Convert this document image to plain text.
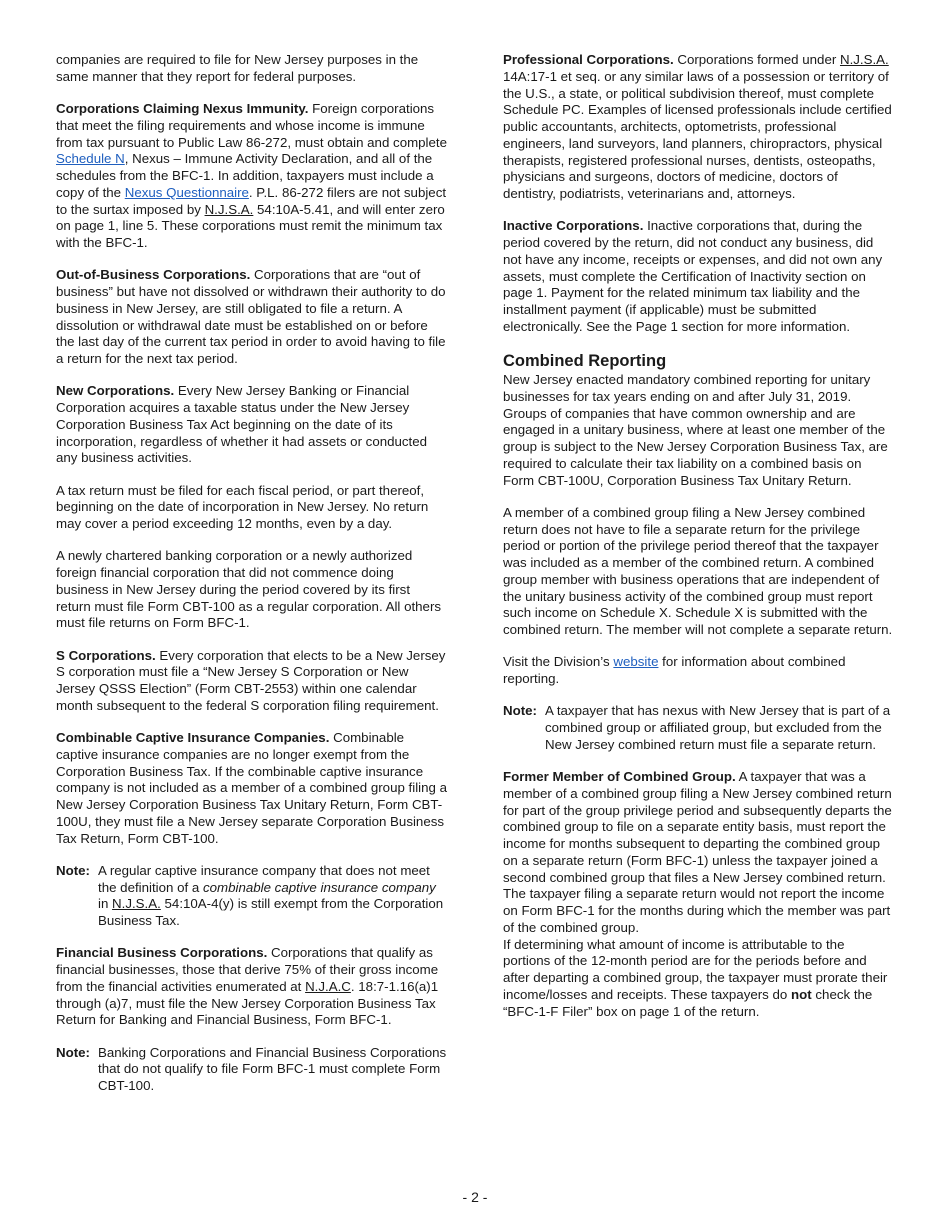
companies are required to file for New Jersey purposes in the same manner that they report for federal purposes.

Corporations Claiming Nexus Immunity. Foreign corporations that meet the filing requirements and whose income is immune from tax pursuant to Public Law 86-272, must obtain and complete Schedule N, Nexus – Immune Activity Declaration, and all of the schedules from the BFC-1. In addition, taxpayers must include a copy of the Nexus Questionnaire. P.L. 86-272 filers are not subject to the surtax imposed by N.J.S.A. 54:10A-5.41, and will enter zero on page 1, line 5. These corporations must remit the minimum tax with the BFC-1.

Out-of-Business Corporations. Corporations that are “out of business” but have not dissolved or withdrawn their authority to do business in New Jersey, are still obligated to file a return. A dissolution or withdrawal date must be established on or before the last day of the current tax period in order to avoid having to file a return for the next tax period.

New Corporations. Every New Jersey Banking or Financial Corporation acquires a taxable status under the New Jersey Corporation Business Tax Act beginning on the date of its incorporation, regardless of whether it had assets or conducted any business activities.

A tax return must be filed for each fiscal period, or part thereof, beginning on the date of incorporation in New Jersey. No return may cover a period exceeding 12 months, even by a day.

A newly chartered banking corporation or a newly authorized foreign financial corporation that did not commence doing business in New Jersey during the period covered by its first return must file Form CBT-100 as a regular corporation. All others must file returns on Form BFC-1.

S Corporations. Every corporation that elects to be a New Jersey S corporation must file a “New Jersey S Corporation or New Jersey QSSS Election” (Form CBT-2553) within one calendar month subsequent to the federal S corporation filing requirement.

Combinable Captive Insurance Companies. Combinable captive insurance companies are no longer exempt from the Corporation Business Tax. If the combinable captive insurance company is not included as a member of a combined group filing a New Jersey Corporation Business Tax Unitary Return, Form CBT-100U, they must file a New Jersey separate Corporation Business Tax Return, Form CBT-100.

Note: A regular captive insurance company that does not meet the definition of a combinable captive insurance company in N.J.S.A. 54:10A-4(y) is still exempt from the Corporation Business Tax.

Financial Business Corporations. Corporations that qualify as financial businesses, those that derive 75% of their gross income from the financial activities enumerated at N.J.A.C. 18:7-1.16(a)1 through (a)7, must file the New Jersey Corporation Business Tax Return for Banking and Financial Business, Form BFC-1.

Note: Banking Corporations and Financial Business Corporations that do not qualify to file Form BFC-1 must complete Form CBT-100.

Professional Corporations. Corporations formed under N.J.S.A. 14A:17-1 et seq. or any similar laws of a possession or territory of the U.S., a state, or political subdivision thereof, must complete Schedule PC. Examples of licensed professionals include certified public accountants, architects, optometrists, professional engineers, land surveyors, land planners, chiropractors, physical therapists, registered professional nurses, dentists, osteopaths, physicians and surgeons, doctors of medicine, doctors of dentistry, podiatrists, veterinarians and, attorneys.

Inactive Corporations. Inactive corporations that, during the period covered by the return, did not conduct any business, did not have any income, receipts or expenses, and did not own any assets, must complete the Certification of Inactivity section on page 1. Payment for the related minimum tax liability and the installment payment (if applicable) must be submitted electronically. See the Page 1 section for more information.

Combined Reporting

New Jersey enacted mandatory combined reporting for unitary businesses for tax years ending on and after July 31, 2019. Groups of companies that have common ownership and are engaged in a unitary business, where at least one member of the group is subject to the New Jersey Corporation Business Tax, are required to calculate their tax liability on a combined basis on Form CBT-100U, Corporation Business Tax Unitary Return.

A member of a combined group filing a New Jersey combined return does not have to file a separate return for the privilege period or portion of the privilege period thereof that the taxpayer was included as a member of the combined return. A combined group member with business operations that are independent of the unitary business activity of the combined group must report such income on Schedule X. Schedule X is submitted with the combined return. The member will not complete a separate return.

Visit the Division’s website for information about combined reporting.

Note: A taxpayer that has nexus with New Jersey that is part of a combined group or affiliated group, but excluded from the New Jersey combined return must file a separate return.

Former Member of Combined Group. A taxpayer that was a member of a combined group filing a New Jersey combined return for part of the group privilege period and subsequently departs the combined group to file on a separate entity basis, must report the income for months subsequent to departing the combined group on a separate return (Form BFC-1) unless the taxpayer joined a second combined group that files a New Jersey combined return. The taxpayer filing a separate return would not report the income on Form BFC-1 for the months during which the member was part of the combined group.

If determining what amount of income is attributable to the portions of the 12-month period are for the periods before and after departing a combined group, the taxpayer must prorate their income/losses and receipts. These taxpayers do not check the “BFC-1-F Filer” box on page 1 of the return.

- 2 -
